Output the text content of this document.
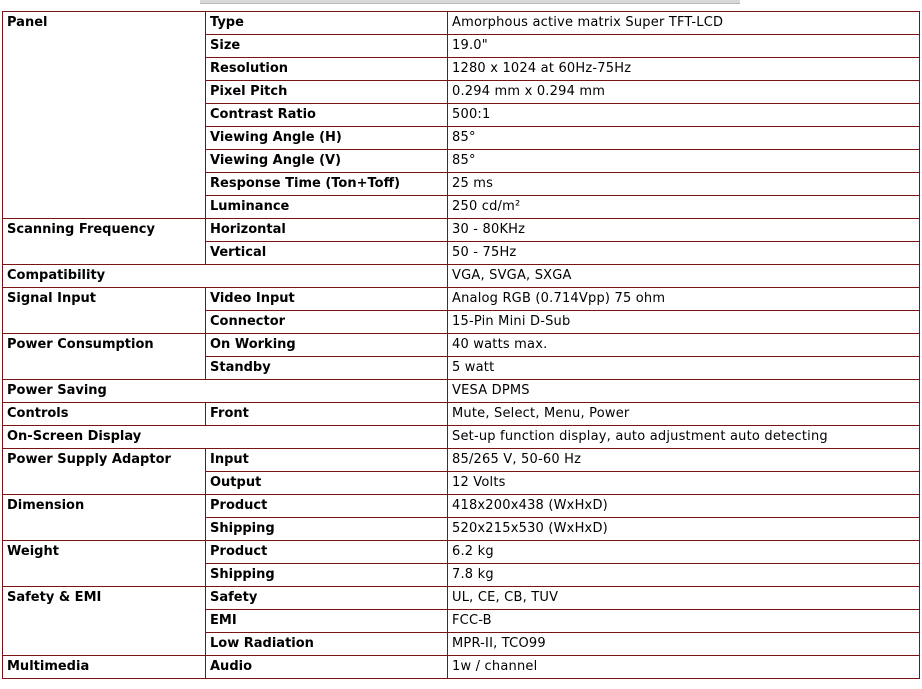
Panel	Type	Amorphous active matrix Super TFT-LCD
	Size	19.0"
	Resolution	1280 x 1024 at 60Hz-75Hz
	Pixel Pitch	0.294 mm x 0.294 mm
	Contrast Ratio	500:1
	Viewing Angle (H)	85°
	Viewing Angle (V)	85°
	Response Time (Ton+Toff)	25 ms
	Luminance	250 cd/m²
Scanning Frequency	Horizontal	30 - 80KHz
	Vertical	50 - 75Hz
Compatibility		VGA, SVGA, SXGA
Signal Input	Video Input	Analog RGB (0.714Vpp) 75 ohm
	Connector	15-Pin Mini D-Sub
Power Consumption	On Working	40 watts max.
	Standby	5 watt
Power Saving		VESA DPMS
Controls	Front	Mute, Select, Menu, Power
On-Screen Display		Set-up function display, auto adjustment auto detecting
Power Supply Adaptor	Input	85/265 V, 50-60 Hz
	Output	12 Volts
Dimension	Product	418x200x438 (WxHxD)
	Shipping	520x215x530 (WxHxD)
Weight	Product	6.2 kg
	Shipping	7.8 kg
Safety & EMI	Safety	UL, CE, CB, TUV
	EMI	FCC-B
	Low Radiation	MPR-II, TCO99
Multimedia	Audio	1w / channel
